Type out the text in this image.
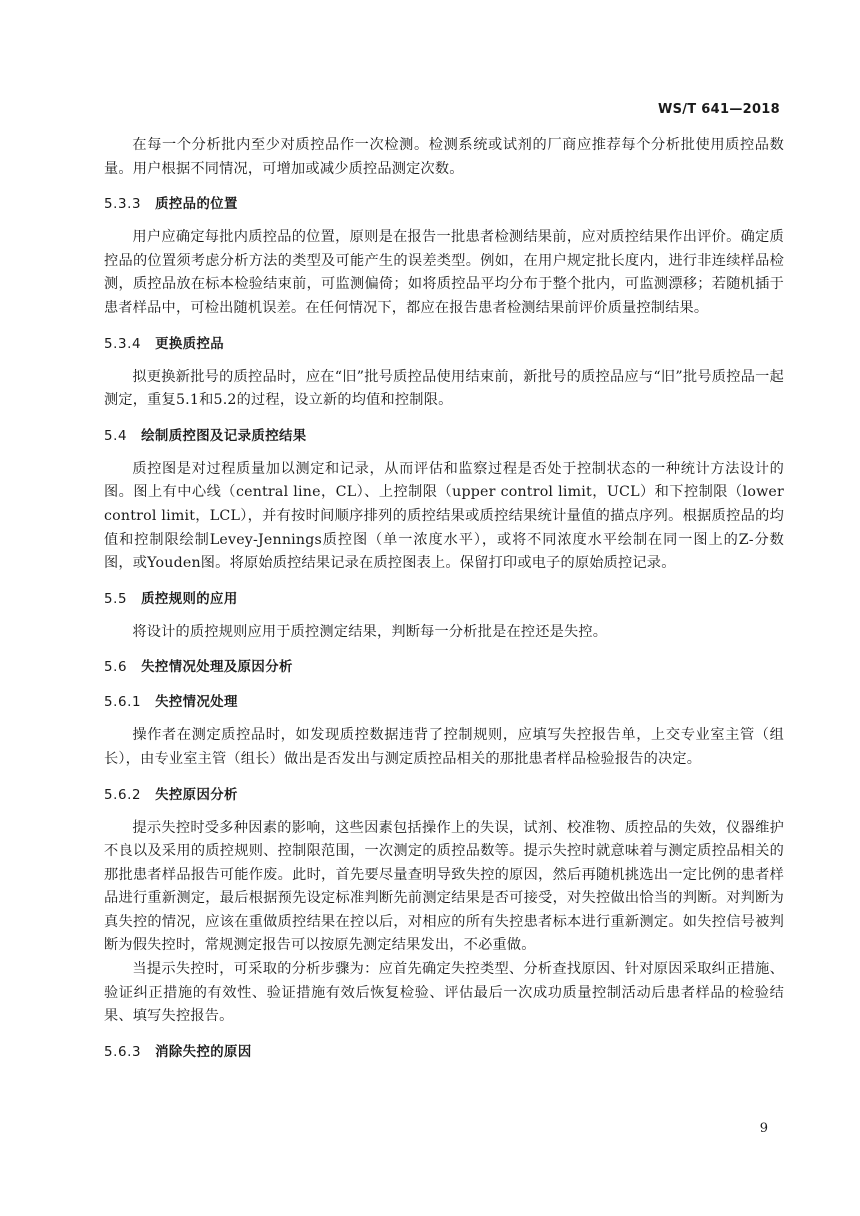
WS/T 641—2018

在每一个分析批内至少对质控品作一次检测。检测系统或试剂的厂商应推荐每个分析批使用质控品数量。用户根据不同情况，可增加或减少质控品测定次数。

5.3.3 质控品的位置

用户应确定每批内质控品的位置，原则是在报告一批患者检测结果前，应对质控结果作出评价。确定质控品的位置须考虑分析方法的类型及可能产生的误差类型。例如，在用户规定批长度内，进行非连续样品检测，质控品放在标本检验结束前，可监测偏倚；如将质控品平均分布于整个批内，可监测漂移；若随机插于患者样品中，可检出随机误差。在任何情况下，都应在报告患者检测结果前评价质量控制结果。

5.3.4 更换质控品

拟更换新批号的质控品时，应在“旧”批号质控品使用结束前，新批号的质控品应与“旧”批号质控品一起测定，重复5.1和5.2的过程，设立新的均值和控制限。

5.4 绘制质控图及记录质控结果

质控图是对过程质量加以测定和记录，从而评估和监察过程是否处于控制状态的一种统计方法设计的图。图上有中心线（central line，CL）、上控制限（upper control limit，UCL）和下控制限（lower control limit，LCL），并有按时间顺序排列的质控结果或质控结果统计量值的描点序列。根据质控品的均值和控制限绘制Levey-Jennings质控图（单一浓度水平），或将不同浓度水平绘制在同一图上的Z-分数图，或Youden图。将原始质控结果记录在质控图表上。保留打印或电子的原始质控记录。

5.5 质控规则的应用

将设计的质控规则应用于质控测定结果，判断每一分析批是在控还是失控。

5.6 失控情况处理及原因分析
5.6.1 失控情况处理

操作者在测定质控品时，如发现质控数据违背了控制规则，应填写失控报告单，上交专业室主管（组长），由专业室主管（组长）做出是否发出与测定质控品相关的那批患者样品检验报告的决定。

5.6.2 失控原因分析

提示失控时受多种因素的影响，这些因素包括操作上的失误，试剂、校准物、质控品的失效，仪器维护不良以及采用的质控规则、控制限范围，一次测定的质控品数等。提示失控时就意味着与测定质控品相关的那批患者样品报告可能作废。此时，首先要尽量查明导致失控的原因，然后再随机挑选出一定比例的患者样品进行重新测定，最后根据预先设定标准判断先前测定结果是否可接受，对失控做出恰当的判断。对判断为真失控的情况，应该在重做质控结果在控以后，对相应的所有失控患者标本进行重新测定。如失控信号被判断为假失控时，常规测定报告可以按原先测定结果发出，不必重做。

当提示失控时，可采取的分析步骤为：应首先确定失控类型、分析查找原因、针对原因采取纠正措施、验证纠正措施的有效性、验证措施有效后恢复检验、评估最后一次成功质量控制活动后患者样品的检验结果、填写失控报告。

5.6.3 消除失控的原因
9
